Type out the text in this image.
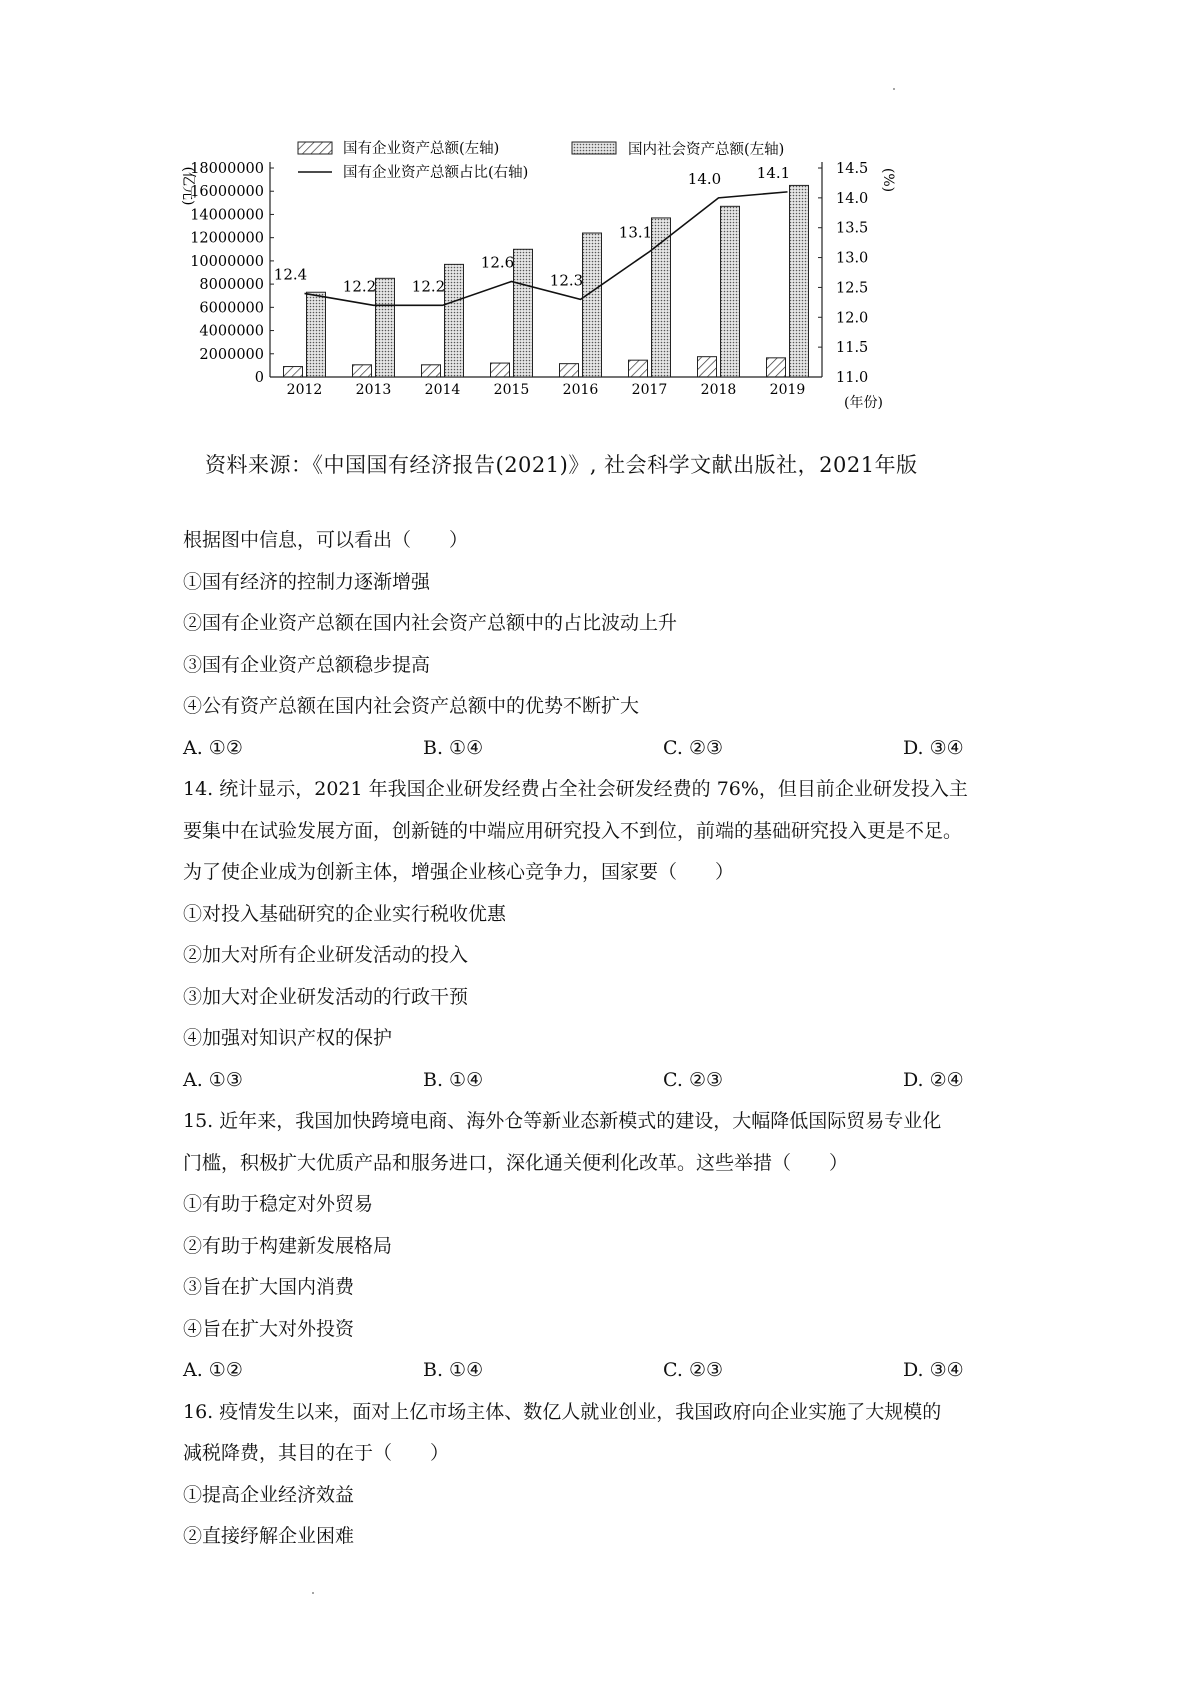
国有企业资产总额(左轴)	国内社会资产总额(左轴)
国有企业资产总额占比(右轴)
0
2000000
4000000
6000000
8000000
10000000
12000000
14000000
16000000
18000000
11.0
11.5
12.0
12.5
13.0
13.5
14.0
14.5
2012 2013 2014 2015 2016 2017 2018 2019
(亿元)	(%)
(年份)
12.4
12.2 12.2
12.6
12.3
13.1
14.0 14.1
资料来源：《中国国有经济报告(2021)》, 社会科学文献出版社，2021年版

根据图中信息，可以看出（　　）

①国有经济的控制力逐渐增强

②国有企业资产总额在国内社会资产总额中的占比波动上升

③国有企业资产总额稳步提高

④公有资产总额在国内社会资产总额中的优势不断扩大

A. ①②	B. ①④	C. ②③	D. ③④

14. 统计显示，2021 年我国企业研发经费占全社会研发经费的 76%，但目前企业研发投入主

要集中在试验发展方面，创新链的中端应用研究投入不到位，前端的基础研究投入更是不足。

为了使企业成为创新主体，增强企业核心竞争力，国家要（　　）

①对投入基础研究的企业实行税收优惠

②加大对所有企业研发活动的投入

③加大对企业研发活动的行政干预

④加强对知识产权的保护

A. ①③	B. ①④	C. ②③	D. ②④

15. 近年来，我国加快跨境电商、海外仓等新业态新模式的建设，大幅降低国际贸易专业化

门槛，积极扩大优质产品和服务进口，深化通关便利化改革。这些举措（　　）

①有助于稳定对外贸易

②有助于构建新发展格局

③旨在扩大国内消费

④旨在扩大对外投资

A. ①②	B. ①④	C. ②③	D. ③④

16. 疫情发生以来，面对上亿市场主体、数亿人就业创业，我国政府向企业实施了大规模的

减税降费，其目的在于（　　）

①提高企业经济效益

②直接纾解企业困难
